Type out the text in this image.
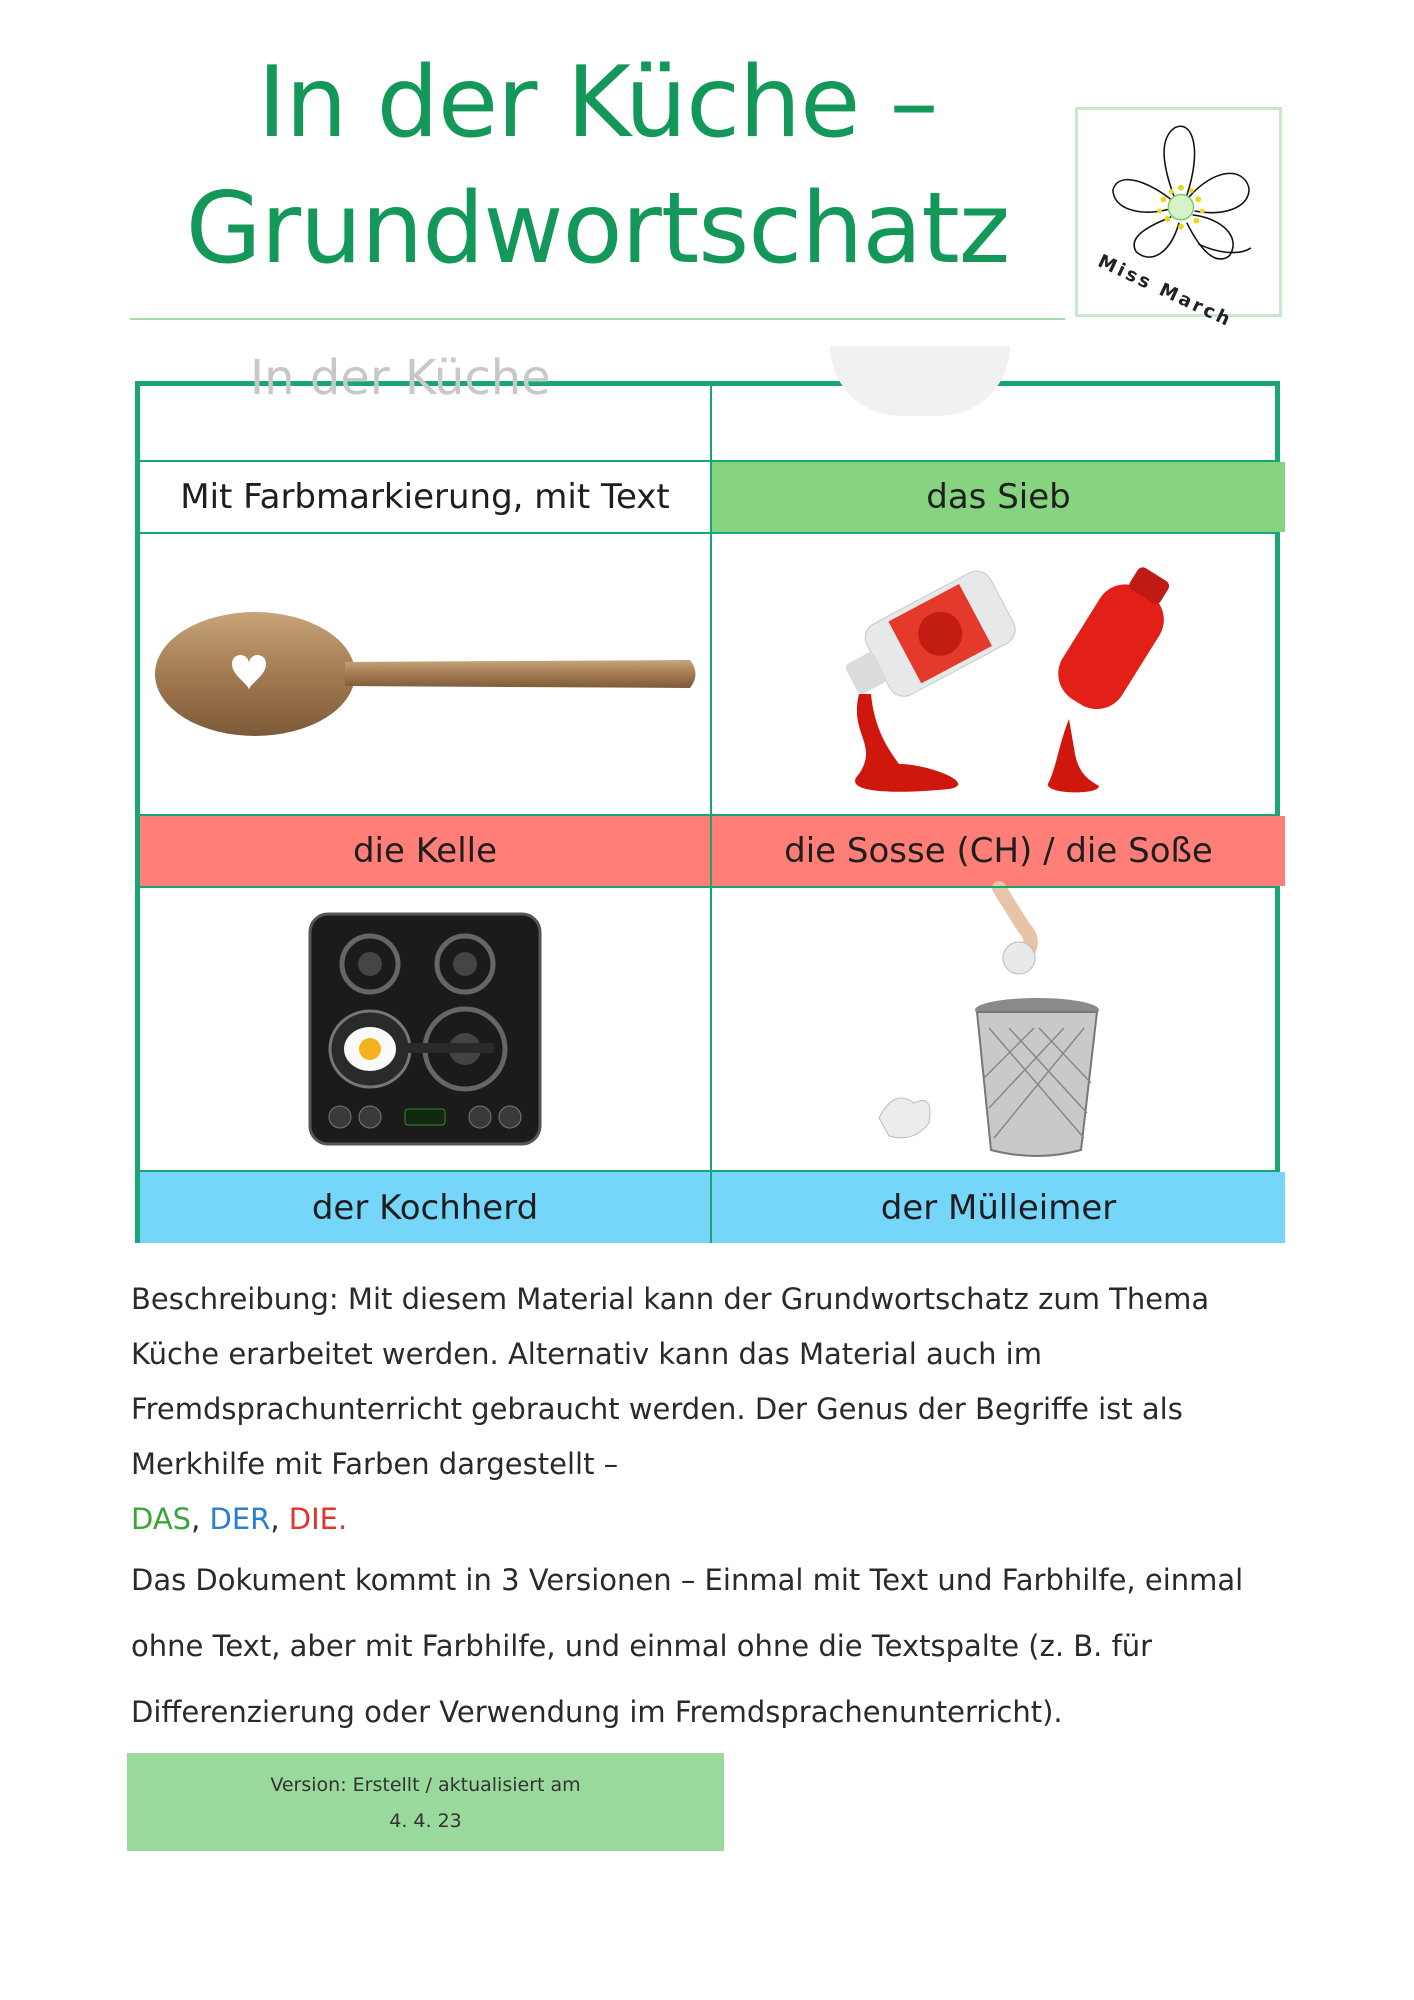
In der Küche –
Grundwortschatz
Miss March
In der Küche
Mit Farbmarkierung, mit Text	das Sieb
die Kelle	die Sosse (CH) / die Soße
der Kochherd	der Mülleimer

Beschreibung: Mit diesem Material kann der Grundwortschatz zum Thema Küche erarbeitet werden. Alternativ kann das Material auch im Fremdsprachunterricht gebraucht werden. Der Genus der Begriffe ist als Merkhilfe mit Farben dargestellt –
DAS, DER, DIE.

Das Dokument kommt in 3 Versionen – Einmal mit Text und Farbhilfe, einmal ohne Text, aber mit Farbhilfe, und einmal ohne die Textspalte (z. B. für Differenzierung oder Verwendung im Fremdsprachenunterricht).

Version: Erstellt / aktualisiert am
4. 4. 23
